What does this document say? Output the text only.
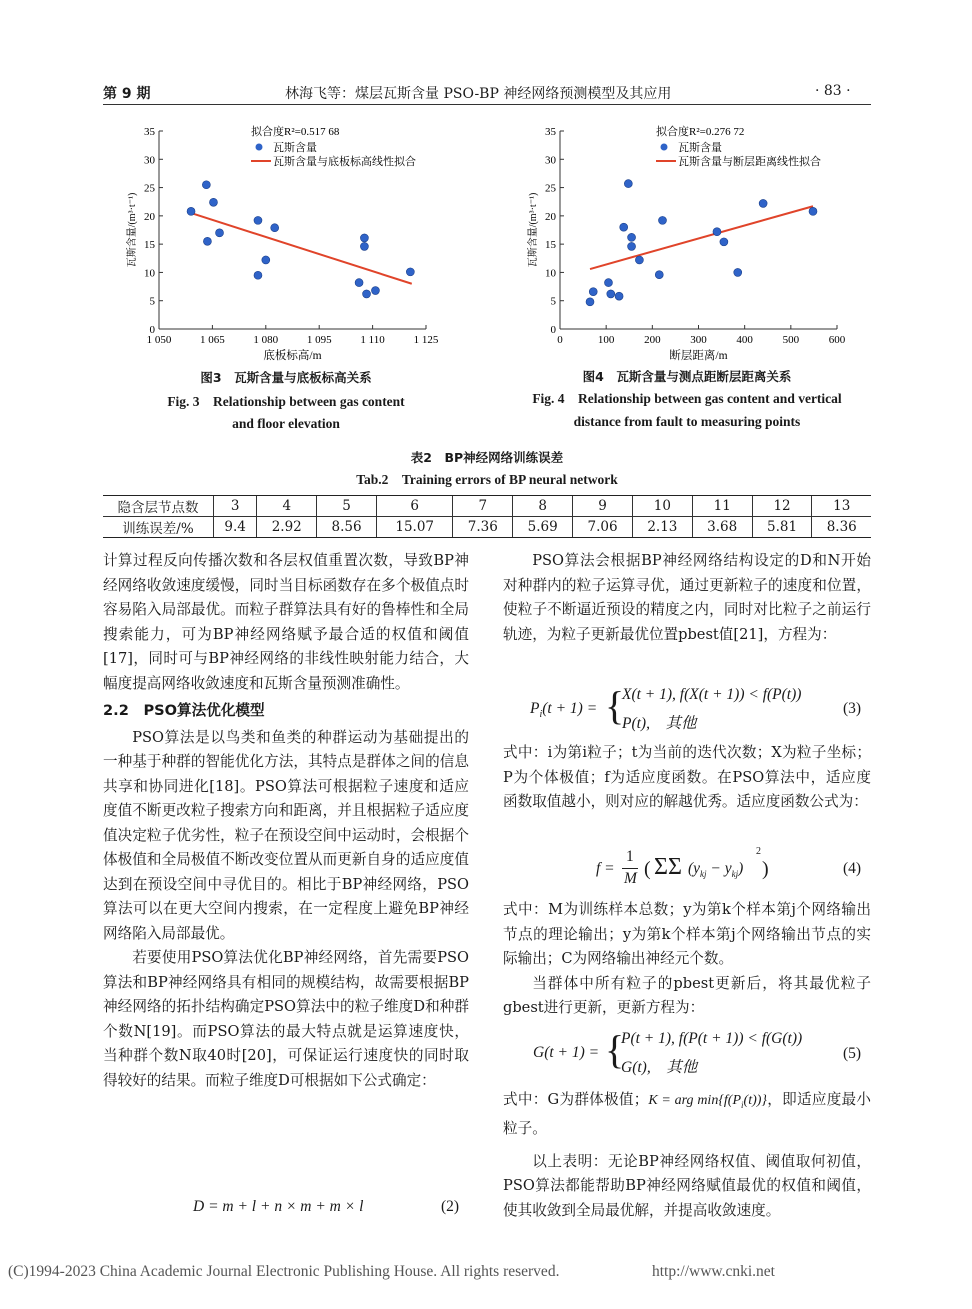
第 9 期	林海飞等：煤层瓦斯含量 PSO-BP 神经网络预测模型及其应用	· 83 ·
0
5
10
15
20
25
30
35
1 050	1 065	1 080	1 095	1 110	1 125
底板标高/m
瓦斯含量/(m³·t⁻¹)
拟合度R²=0.517 68
瓦斯含量
瓦斯含量与底板标高线性拟合
图3　瓦斯含量与底板标高关系
Fig. 3　Relationship between gas content
and floor elevation
0
5
10
15
20
25
30
35
0	100	200	300	400	500	600
断层距离/m
瓦斯含量/(m³·t⁻¹)
拟合度R²=0.276 72
瓦斯含量
瓦斯含量与断层距离线性拟合
图4　瓦斯含量与测点距断层距离关系
Fig. 4　Relationship between gas content and vertical
distance from fault to measuring points
表2　BP神经网络训练误差
Tab.2　Training errors of BP neural network
隐含层节点数	3	4	5	6	7	8	9	10	11	12	13
训练误差/%	9.4	2.92	8.56	15.07	7.36	5.69	7.06	2.13	3.68	5.81	8.36

计算过程反向传播次数和各层权值重置次数，导致BP神经网络收敛速度缓慢，同时当目标函数存在多个极值点时容易陷入局部最优。而粒子群算法具有好的鲁棒性和全局搜索能力，可为BP神经网络赋予最合适的权值和阈值[17]，同时可与BP神经网络的非线性映射能力结合，大幅度提高网络收敛速度和瓦斯含量预测准确性。

2.2　PSO算法优化模型

PSO算法是以鸟类和鱼类的种群运动为基础提出的一种基于种群的智能优化方法，其特点是群体之间的信息共享和协同进化[18]。PSO算法可根据粒子速度和适应度值不断更改粒子搜索方向和距离，并且根据粒子适应度值决定粒子优劣性，粒子在预设空间中运动时，会根据个体极值和全局极值不断改变位置从而更新自身的适应度值达到在预设空间中寻优目的。相比于BP神经网络，PSO算法可以在更大空间内搜索，在一定程度上避免BP神经网络陷入局部最优。

若要使用PSO算法优化BP神经网络，首先需要PSO算法和BP神经网络具有相同的规模结构，故需要根据BP神经网络的拓扑结构确定PSO算法中的粒子维度D和种群个数N[19]。而PSO算法的最大特点就是运算速度快，当种群个数N取40时[20]，可保证运行速度快的同时取得较好的结果。而粒子维度D可根据如下公式确定：

D = m + l + n × m + m × l	(2)

PSO算法会根据BP神经网络结构设定的D和N开始对种群内的粒子运算寻优，通过更新粒子的速度和位置，使粒子不断逼近预设的精度之内，同时对比粒子之前运行轨迹，为粒子更新最优位置pbest值[21]，方程为：

$P_i(t + 1)$ = {
X(t + 1), f(X(t + 1)) < f(P(t))
P(t),　其他
(3)

式中：i为第i粒子；t为当前的迭代次数；X为粒子坐标；P为个体极值；f为适应度函数。在PSO算法中，适应度函数取值越小，则对应的解越优秀。适应度函数公式为：

f =
1
M ( ΣΣ $(y_{kj} - y_{kj})$ )
2
(4)

式中：M为训练样本总数；y为第k个样本第j个网络输出节点的理论输出；y为第k个样本第j个网络输出节点的实际输出；C为网络输出神经元个数。

当群体中所有粒子的pbest更新后，将其最优粒子gbest进行更新，更新方程为：

G(t + 1) = {
P(t + 1), f(P(t + 1)) < f(G(t))
G(t),　其他
(5)

式中：G为群体极值；K = arg $\min\{f(P_i(t))\}$，即适应度最小粒子。

以上表明：无论BP神经网络权值、阈值取何初值，PSO算法都能帮助BP神经网络赋值最优的权值和阈值，使其收敛到全局最优解，并提高收敛速度。

(C)1994-2023 China Academic Journal Electronic Publishing House. All rights reserved.	http://www.cnki.net
